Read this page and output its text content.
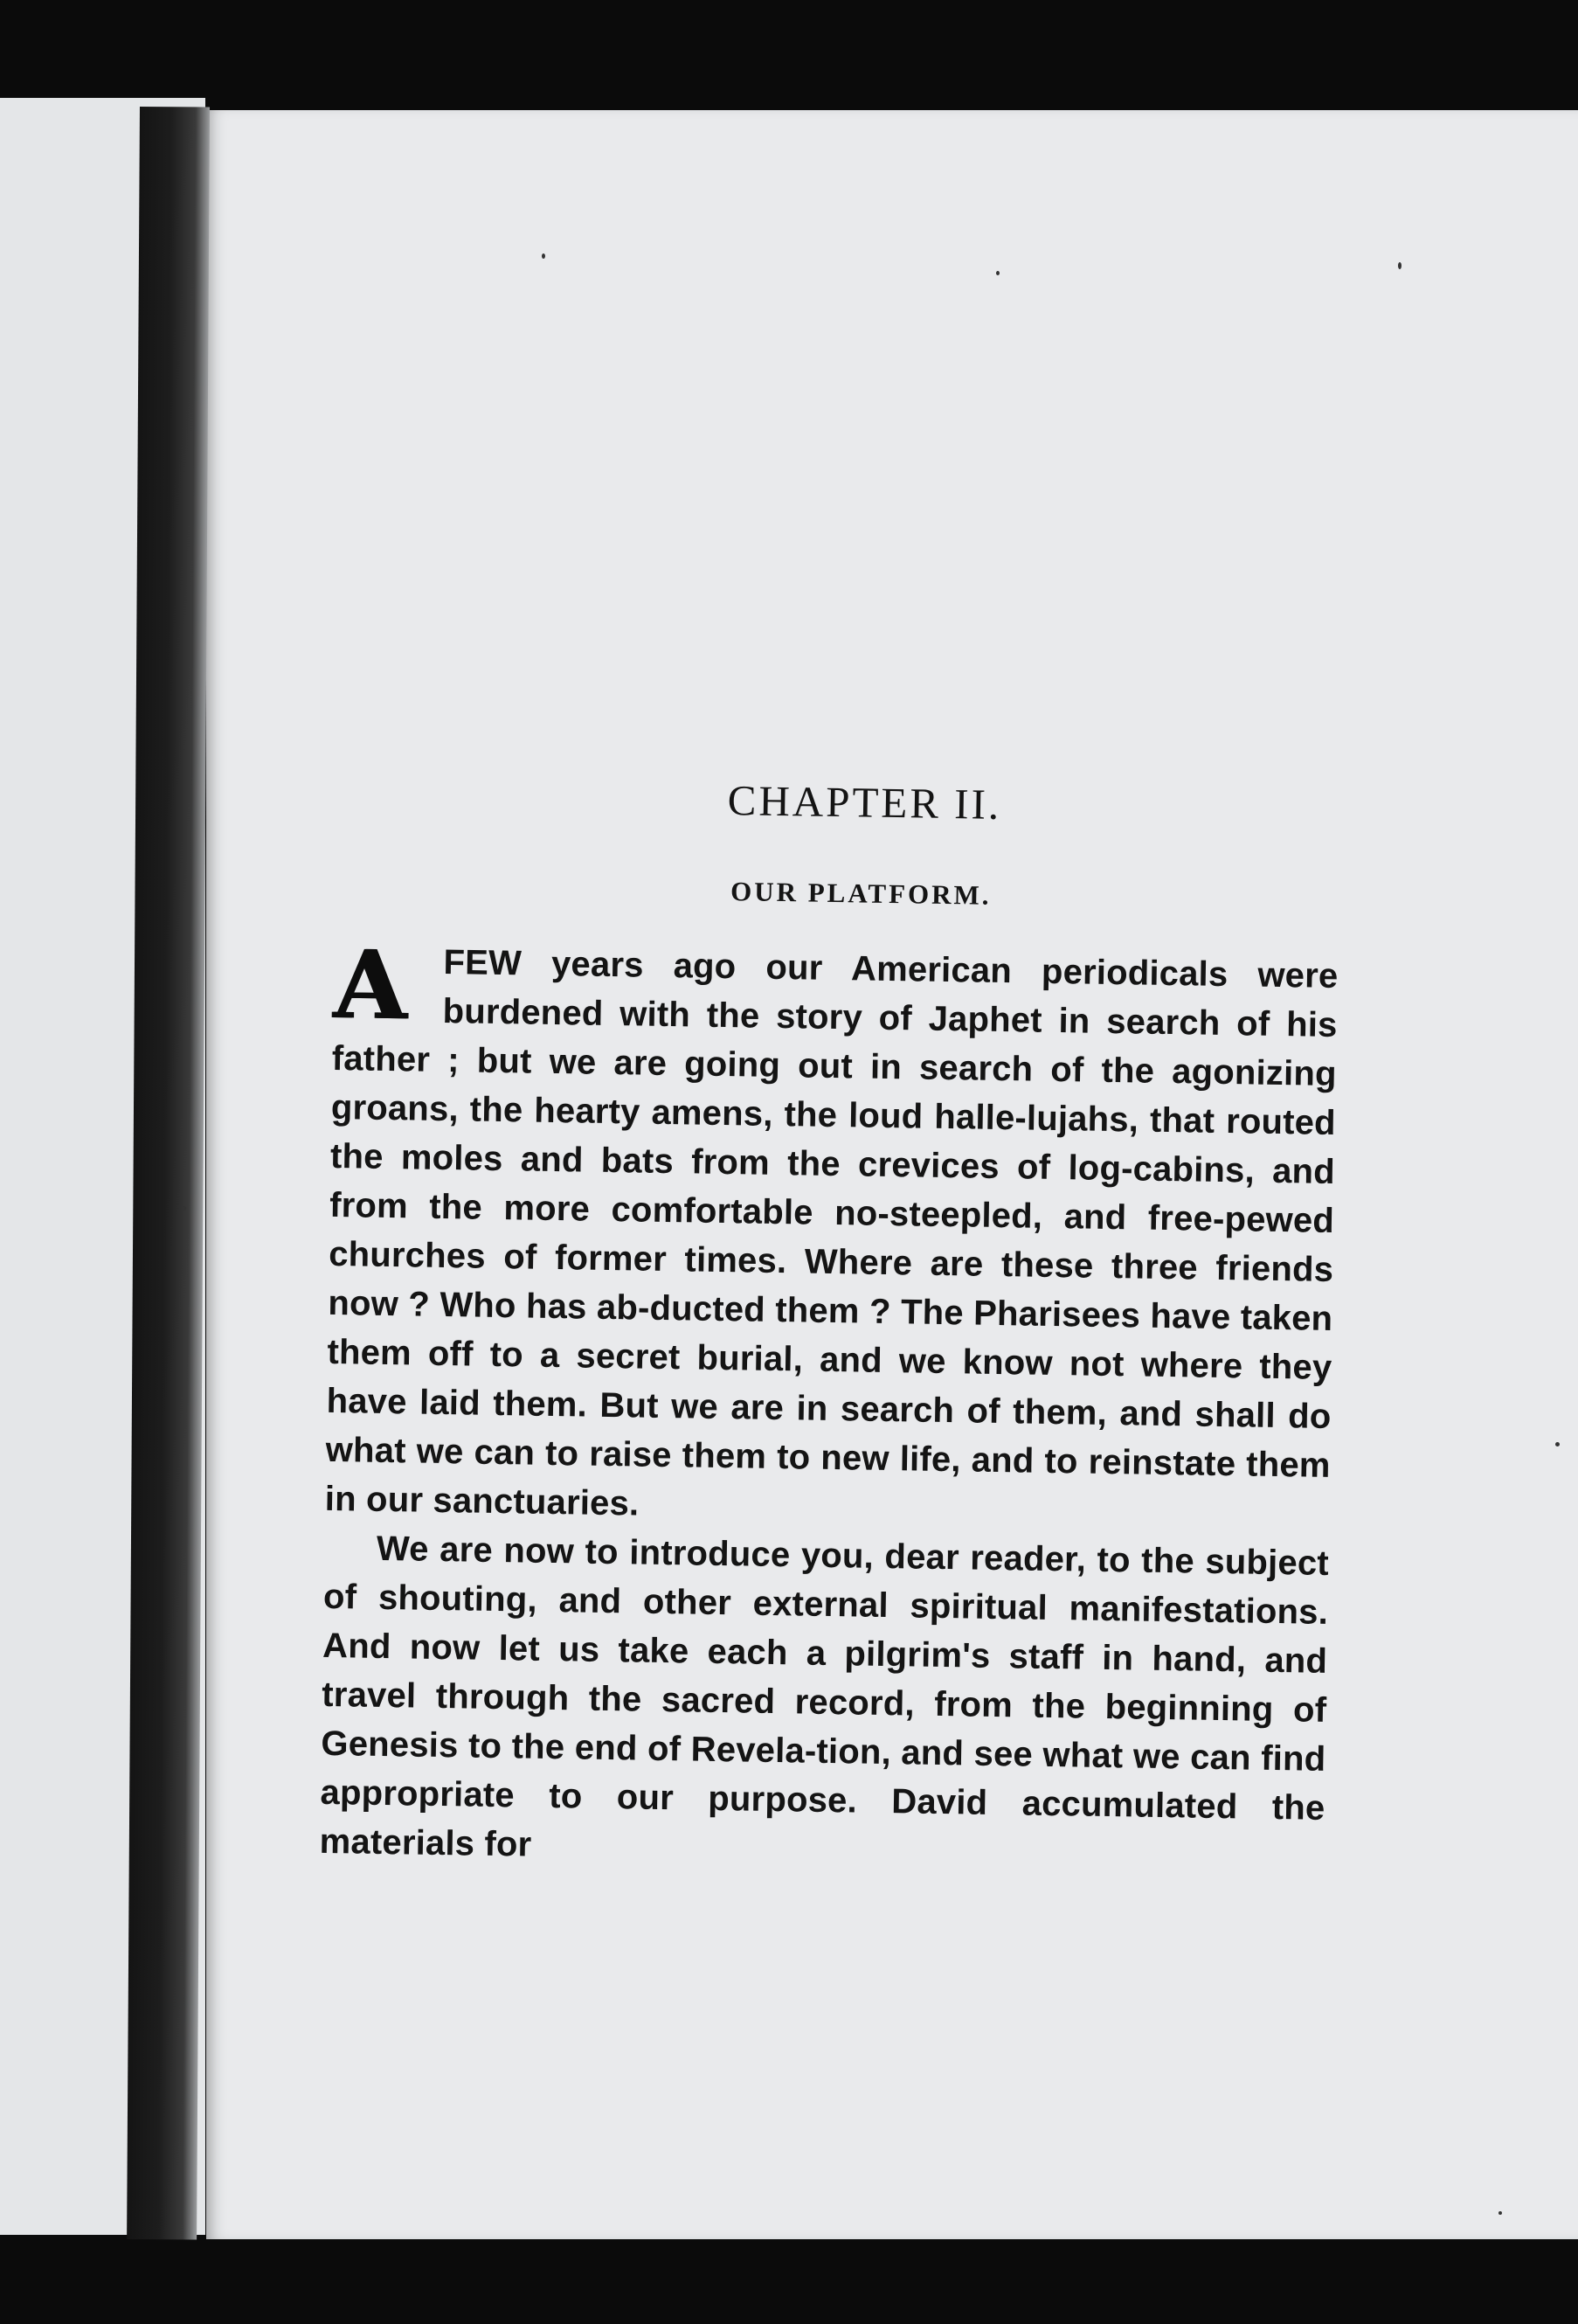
CHAPTER II.
OUR PLATFORM.

A	FEW years ago our American periodicals were burdened with the story of Japhet in search of his father ; but we are going out in search of the agonizing groans, the hearty amens, the loud halle-lujahs, that routed the moles and bats from the crevices of log-cabins, and from the more comfortable no-steepled, and free-pewed churches of former times. Where are these three friends now ? Who has ab-ducted them ? The Pharisees have taken them off to a secret burial, and we know not where they have laid them. But we are in search of them, and shall do what we can to raise them to new life, and to reinstate them in our sanctuaries.

We are now to introduce you, dear reader, to the subject of shouting, and other external spiritual manifestations. And now let us take each a pilgrim's staff in hand, and travel through the sacred record, from the beginning of Genesis to the end of Revela-tion, and see what we can find appropriate to our purpose. David accumulated the materials for
